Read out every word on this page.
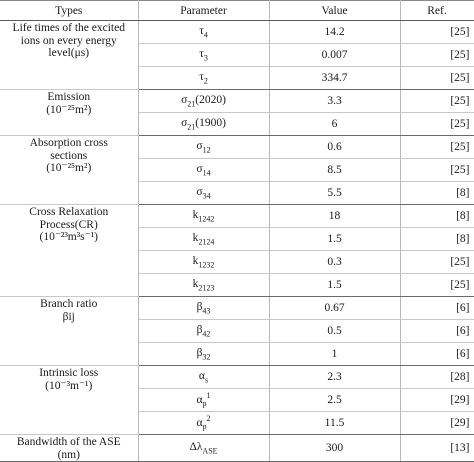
Types	Parameter	Value	Ref.

Life times of the excited
ions on every energy
level(μs)	$\tau_4$	14.2	[25]
	$\tau_3$	0.007	[25]
	$\tau_2$	334.7	[25]

Emission
(10⁻²⁵m²)	$\sigma_{21}(2020)$	3.3	[25]
	$\sigma_{21}(1900)$	6	[25]

Absorption cross
sections
(10⁻²⁵m²)	$\sigma_{12}$	0.6	[25]
	$\sigma_{14}$	8.5	[25]
	$\sigma_{34}$	5.5	[8]

Cross Relaxation
Process(CR)
(10⁻²³m³s⁻¹)	$k_{1242}$	18	[8]
	$k_{2124}$	1.5	[8]
	$k_{1232}$	0.3	[25]
	$k_{2123}$	1.5	[25]

Branch ratio
βij	$\beta_{43}$	0.67	[6]
	$\beta_{42}$	0.5	[6]
	$\beta_{32}$	1	[6]

Intrinsic loss
(10⁻³m⁻¹)	$\alpha_s$	2.3	[28]
	$\alpha_p^1$	2.5	[29]
	$\alpha_p^2$	11.5	[29]

Bandwidth of the ASE
(nm)	$\Delta\lambda_{ASE}$	300	[13]
